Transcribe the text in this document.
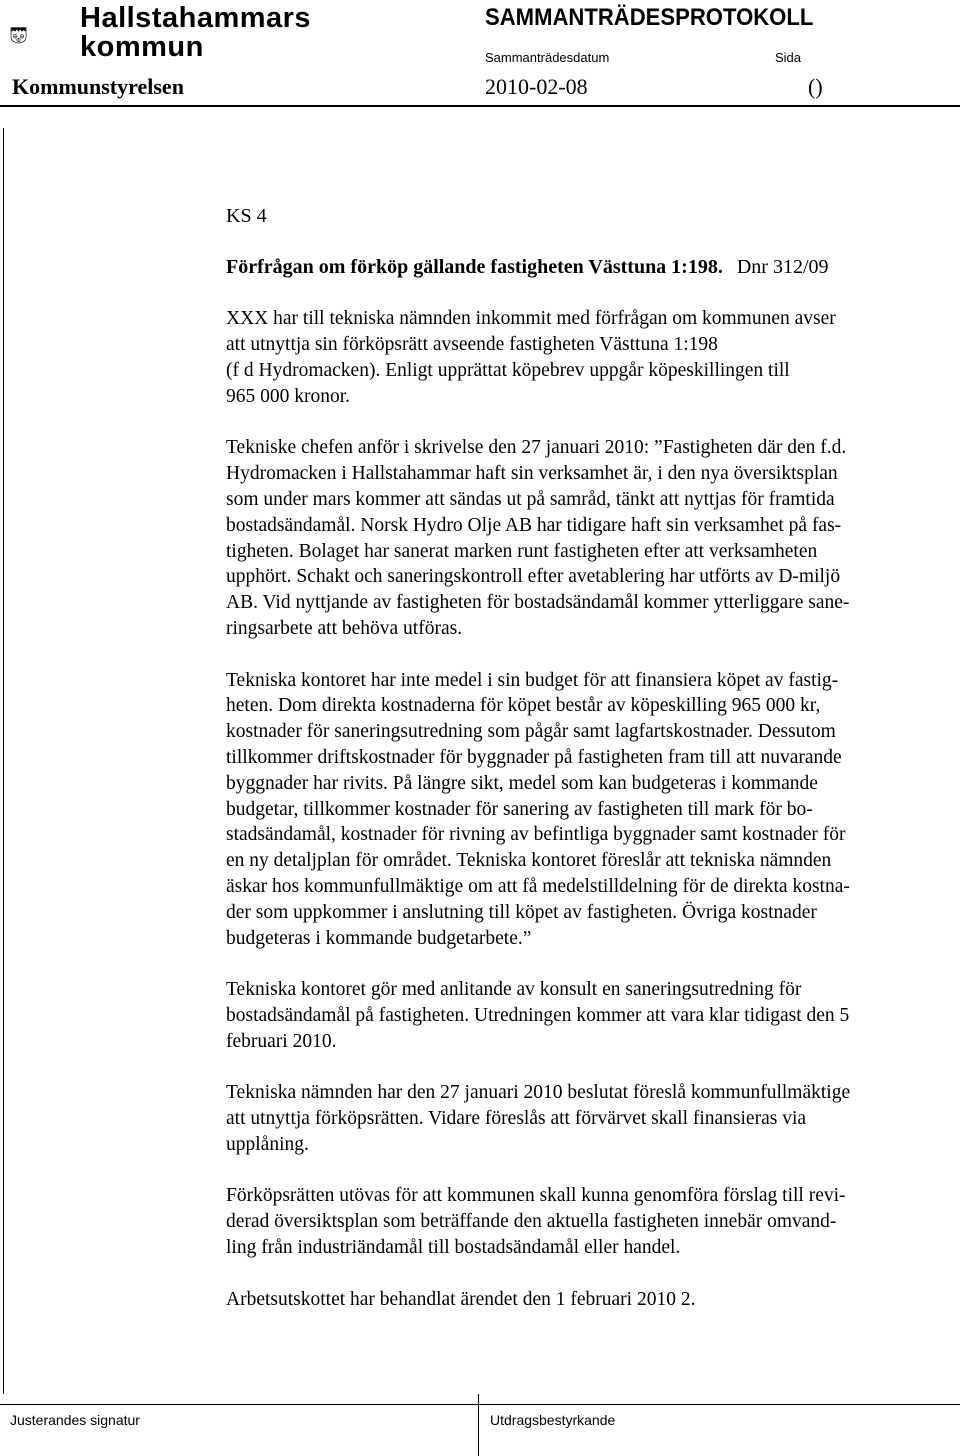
Hallstahammars
kommun
SAMMANTRÄDESPROTOKOLL
Sammanträdesdatum	Sida
Kommunstyrelsen	2010-02-08	()

KS 4

Förfrågan om förköp gällande fastigheten Västtuna 1:198. Dnr 312/09

XXX har till tekniska nämnden inkommit med förfrågan om kommunen avser
att utnyttja sin förköpsrätt avseende fastigheten Västtuna 1:198
(f d Hydromacken). Enligt upprättat köpebrev uppgår köpeskillingen till
965 000 kronor.

Tekniske chefen anför i skrivelse den 27 januari 2010: ”Fastigheten där den f.d.
Hydromacken i Hallstahammar haft sin verksamhet är, i den nya översiktsplan
som under mars kommer att sändas ut på samråd, tänkt att nyttjas för framtida
bostadsändamål. Norsk Hydro Olje AB har tidigare haft sin verksamhet på fas-
tigheten. Bolaget har sanerat marken runt fastigheten efter att verksamheten
upphört. Schakt och saneringskontroll efter avetablering har utförts av D-miljö
AB. Vid nyttjande av fastigheten för bostadsändamål kommer ytterliggare sane-
ringsarbete att behöva utföras.

Tekniska kontoret har inte medel i sin budget för att finansiera köpet av fastig-
heten. Dom direkta kostnaderna för köpet består av köpeskilling 965 000 kr,
kostnader för saneringsutredning som pågår samt lagfartskostnader. Dessutom
tillkommer driftskostnader för byggnader på fastigheten fram till att nuvarande
byggnader har rivits. På längre sikt, medel som kan budgeteras i kommande
budgetar, tillkommer kostnader för sanering av fastigheten till mark för bo-
stadsändamål, kostnader för rivning av befintliga byggnader samt kostnader för
en ny detaljplan för området. Tekniska kontoret föreslår att tekniska nämnden
äskar hos kommunfullmäktige om att få medelstilldelning för de direkta kostna-
der som uppkommer i anslutning till köpet av fastigheten. Övriga kostnader
budgeteras i kommande budgetarbete.”

Tekniska kontoret gör med anlitande av konsult en saneringsutredning för
bostadsändamål på fastigheten. Utredningen kommer att vara klar tidigast den 5
februari 2010.

Tekniska nämnden har den 27 januari 2010 beslutat föreslå kommunfullmäktige
att utnyttja förköpsrätten. Vidare föreslås att förvärvet skall finansieras via
upplåning.

Förköpsrätten utövas för att kommunen skall kunna genomföra förslag till revi-
derad översiktsplan som beträffande den aktuella fastigheten innebär omvand-
ling från industriändamål till bostadsändamål eller handel.

Arbetsutskottet har behandlat ärendet den 1 februari 2010 2.

Justerandes signatur	Utdragsbestyrkande
